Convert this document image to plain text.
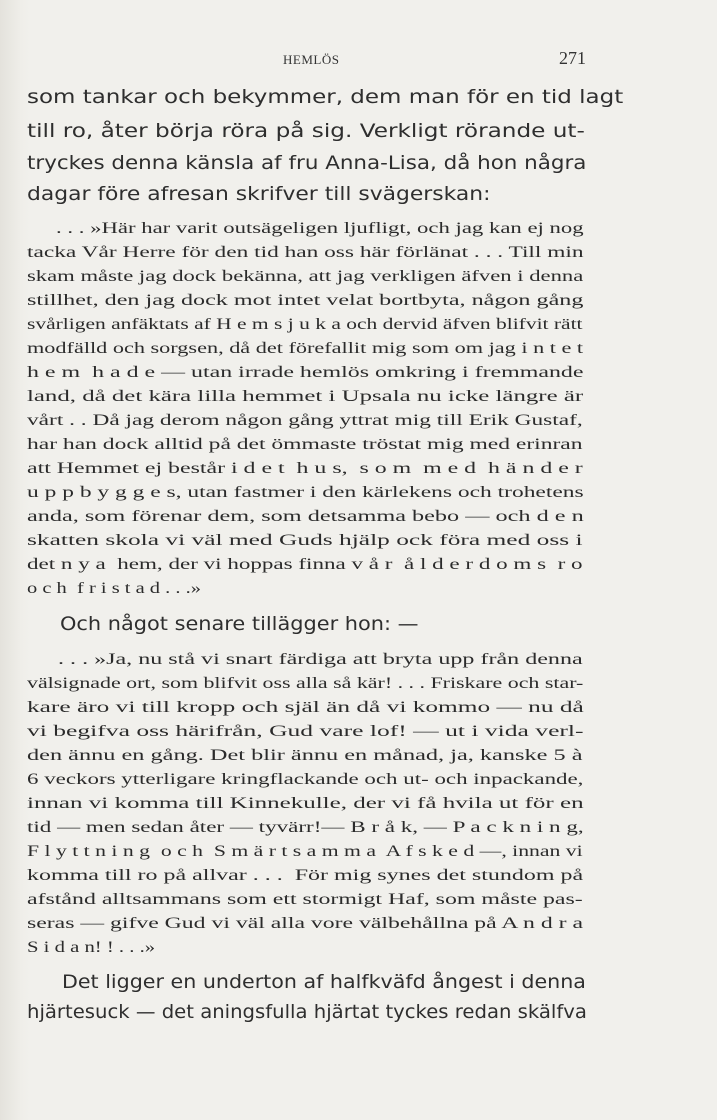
HEMLÖS	271
som tankar och bekymmer, dem man för en tid lagt
till ro, åter börja röra på sig. Verkligt rörande ut-
tryckes denna känsla af fru Anna-Lisa, då hon några
dagar före afresan skrifver till svägerskan:
. . . »Här har varit outsägeligen ljufligt, och jag kan ej nog
tacka Vår Herre för den tid han oss här förlänat . . . Till min
skam måste jag dock bekänna, att jag verkligen äfven i denna
stillhet, den jag dock mot intet velat bortbyta, någon gång
svårligen anfäktats af H e m s j u k a och dervid äfven blifvit rätt
modfälld och sorgsen, då det förefallit mig som om jag i n t e t
h e m  h a d e — utan irrade hemlös omkring i fremmande
land, då det kära lilla hemmet i Upsala nu icke längre är
vårt . . Då jag derom någon gång yttrat mig till Erik Gustaf,
har han dock alltid på det ömmaste tröstat mig med erinran
att Hemmet ej består i d e t  h u s,  s o m  m e d  h ä n d e r
u p p b y g g e s, utan fastmer i den kärlekens och trohetens
anda, som förenar dem, som detsamma bebo — och d e n
skatten skola vi väl med Guds hjälp ock föra med oss i
det n y a  hem, der vi hoppas finna v å r  å l d e r d o m s  r o
o c h  f r i s t a d . . .»
Och något senare tillägger hon: —
. . . »Ja, nu stå vi snart färdiga att bryta upp från denna
välsignade ort, som blifvit oss alla så kär! . . . Friskare och star-
kare äro vi till kropp och själ än då vi kommo — nu då
vi begifva oss härifrån, Gud vare lof! — ut i vida verl-
den ännu en gång. Det blir ännu en månad, ja, kanske 5 à
6 veckors ytterligare kringflackande och ut- och inpackande,
innan vi komma till Kinnekulle, der vi få hvila ut för en
tid — men sedan åter — tyvärr!— B r å k, — P a c k n i n g,
F l y t t n i n g  o c h  S m ä r t s a m m a  A f s k e d —, innan vi
komma till ro på allvar . . .  För mig synes det stundom på
afstånd alltsammans som ett stormigt Haf, som måste pas-
seras — gifve Gud vi väl alla vore välbehållna på A n d r a
S i d a n! ! . . .»
Det ligger en underton af halfkväfd ångest i denna
hjärtesuck — det aningsfulla hjärtat tyckes redan skälfva
